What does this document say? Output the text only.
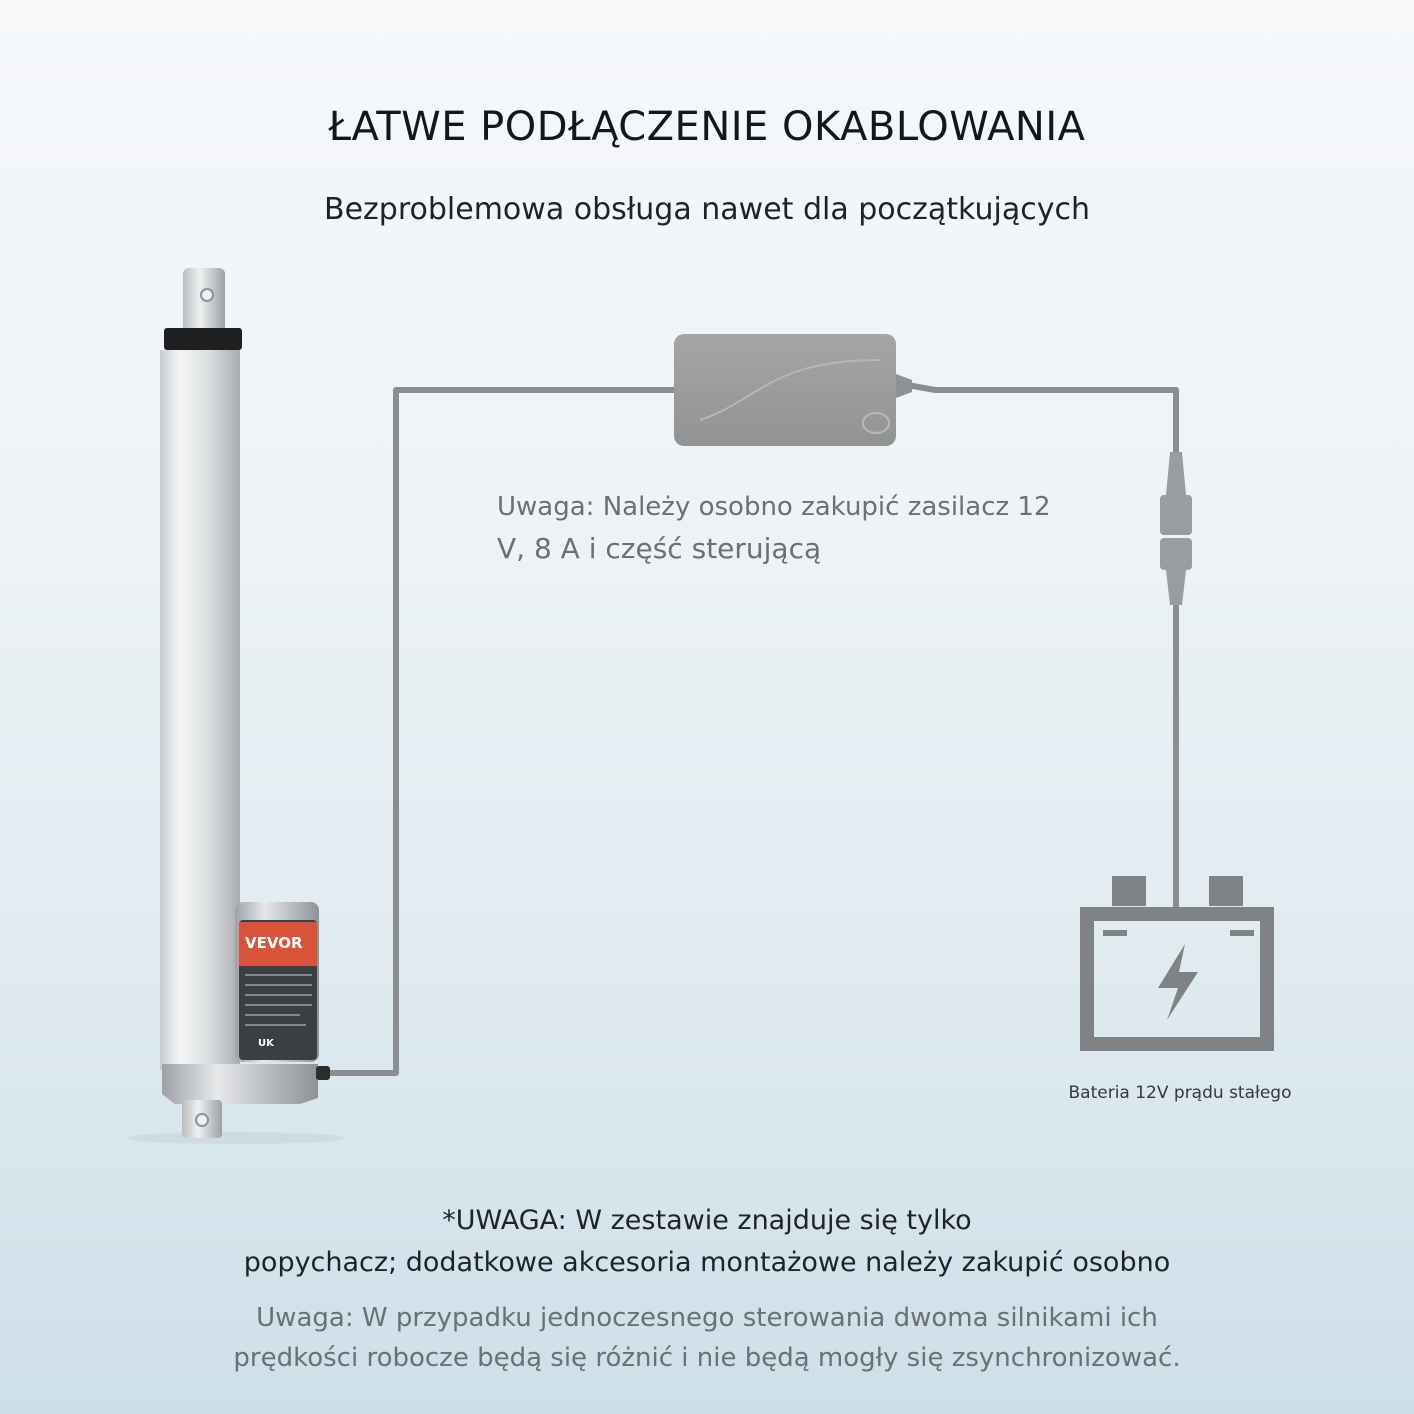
ŁATWE PODŁĄCZENIE OKABLOWANIA
Bezproblemowa obsługa nawet dla początkujących
VEVOR
UK
Uwaga: Należy osobno zakupić zasilacz 12
V, 8 A i część sterującą
Bateria 12V prądu stałego
*UWAGA: W zestawie znajduje się tylko
popychacz; dodatkowe akcesoria montażowe należy zakupić osobno
Uwaga: W przypadku jednoczesnego sterowania dwoma silnikami ich
prędkości robocze będą się różnić i nie będą mogły się zsynchronizować.
